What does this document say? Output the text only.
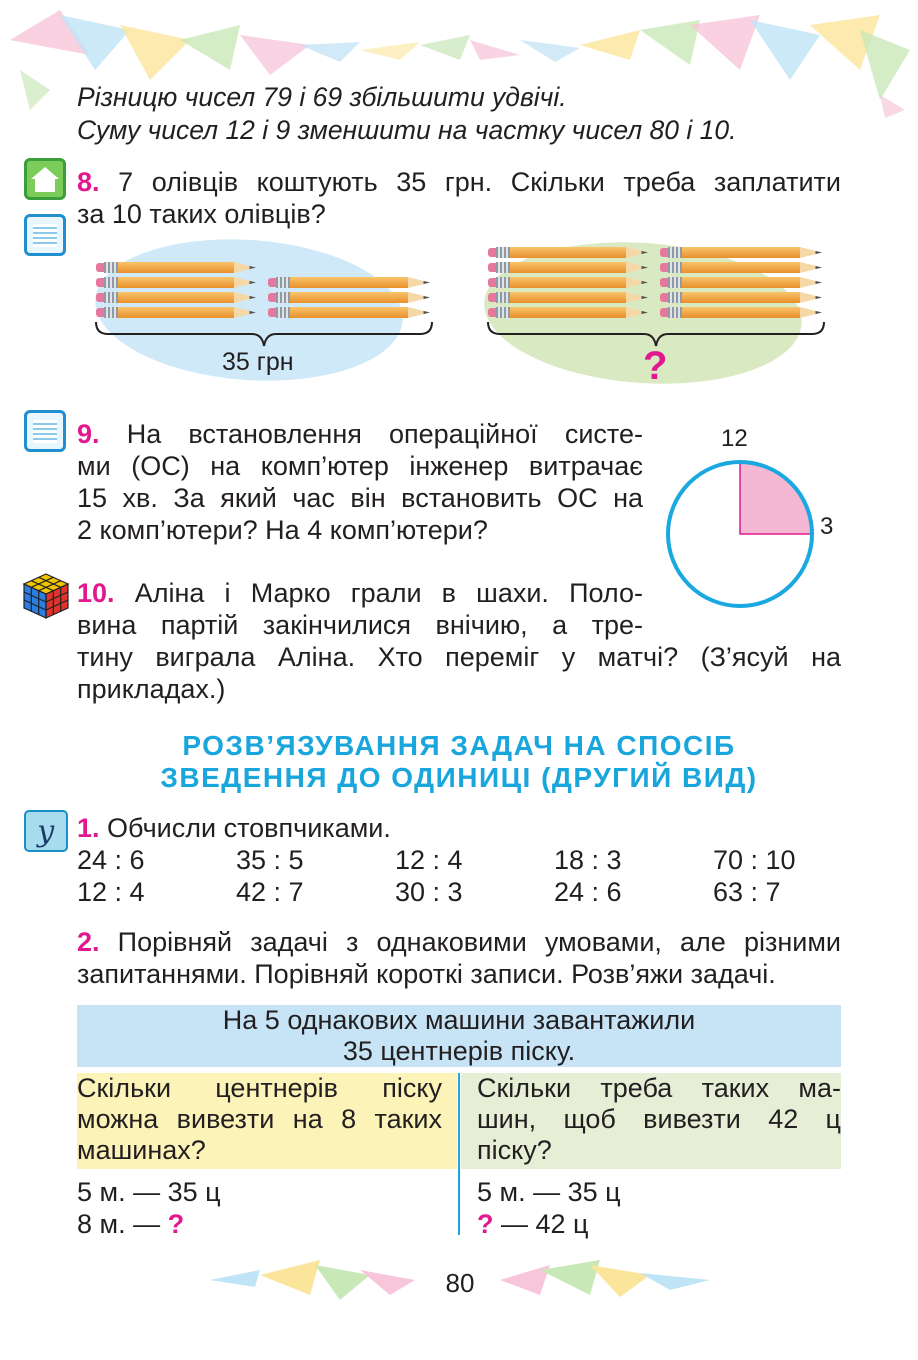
Різницю чисел 79 і 69 збільшити удвічі.
Суму чисел 12 і 9 зменшити на частку чисел 80 і 10.
8. 7 олівців коштують 35 грн. Скільки треба заплатити
за 10 таких олівців?
35 грн	?
9. На встановлення операційної систе-
ми (ОС) на комп’ютер інженер витрачає
15 хв. За який час він встановить ОС на
2 комп’ютери? На 4 комп’ютери?
12
3
10. Аліна і Марко грали в шахи. Поло-
вина партій закінчилися внічию, а тре-
тину виграла Аліна. Хто переміг у матчі? (З’ясуй на
прикладах.)
РОЗВ’ЯЗУВАННЯ ЗАДАЧ НА СПОСІБ
ЗВЕДЕННЯ ДО ОДИНИЦІ (ДРУГИЙ ВИД)
у 1. Обчисли стовпчиками.
24 : 6	35 : 5	12 : 4	18 : 3	70 : 10
12 : 4	42 : 7	30 : 3	24 : 6	63 : 7
2. Порівняй задачі з однаковими умовами, але різними
запитаннями. Порівняй короткі записи. Розв’яжи задачі.
На 5 однакових машини завантажили
35 центнерів піску.
Скільки центнерів піску
можна вивезти на 8 таких
машинах?
Скільки треба таких ма-
шин, щоб вивезти 42 ц
піску?
5 м. — 35 ц
8 м. — ?
5 м. — 35 ц
? — 42 ц
80
